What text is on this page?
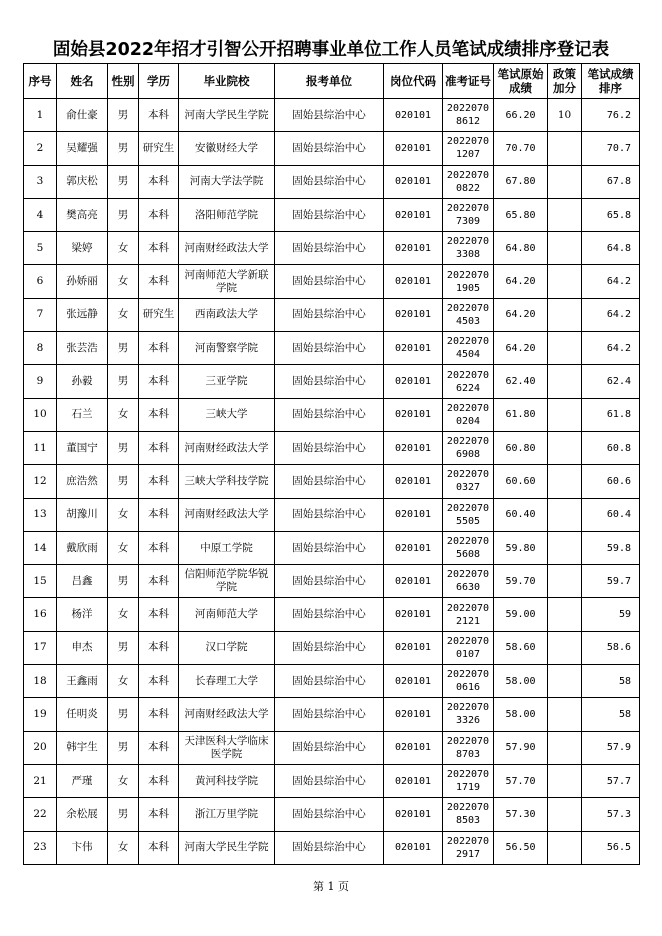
固始县2022年招才引智公开招聘事业单位工作人员笔试成绩排序登记表
序号	姓名	性别	学历	毕业院校	报考单位	岗位代码	准考证号	笔试原始成绩	政策加分	笔试成绩排序

1	俞仕豪	男	本科	河南大学民生学院	固始县综治中心	020101	20220708612	66.20	10	76.2
2	吴耀强	男	研究生	安徽财经大学	固始县综治中心	020101	20220701207	70.70		70.7
3	郭庆松	男	本科	河南大学法学院	固始县综治中心	020101	20220700822	67.80		67.8
4	樊高亮	男	本科	洛阳师范学院	固始县综治中心	020101	20220707309	65.80		65.8
5	梁婷	女	本科	河南财经政法大学	固始县综治中心	020101	20220703308	64.80		64.8
6	孙娇丽	女	本科	河南师范大学新联学院	固始县综治中心	020101	20220701905	64.20		64.2
7	张远静	女	研究生	西南政法大学	固始县综治中心	020101	20220704503	64.20		64.2
8	张芸浩	男	本科	河南警察学院	固始县综治中心	020101	20220704504	64.20		64.2
9	孙毅	男	本科	三亚学院	固始县综治中心	020101	20220706224	62.40		62.4
10	石兰	女	本科	三峡大学	固始县综治中心	020101	20220700204	61.80		61.8
11	董国宁	男	本科	河南财经政法大学	固始县综治中心	020101	20220706908	60.80		60.8
12	庶浩然	男	本科	三峡大学科技学院	固始县综治中心	020101	20220700327	60.60		60.6
13	胡豫川	女	本科	河南财经政法大学	固始县综治中心	020101	20220705505	60.40		60.4
14	戴欣雨	女	本科	中原工学院	固始县综治中心	020101	20220705608	59.80		59.8
15	吕鑫	男	本科	信阳师范学院华锐学院	固始县综治中心	020101	20220706630	59.70		59.7
16	杨洋	女	本科	河南师范大学	固始县综治中心	020101	20220702121	59.00		59
17	申杰	男	本科	汉口学院	固始县综治中心	020101	20220700107	58.60		58.6
18	王鑫雨	女	本科	长春理工大学	固始县综治中心	020101	20220700616	58.00		58
19	任明炎	男	本科	河南财经政法大学	固始县综治中心	020101	20220703326	58.00		58
20	韩宇生	男	本科	天津医科大学临床医学院	固始县综治中心	020101	20220708703	57.90		57.9
21	严瑾	女	本科	黄河科技学院	固始县综治中心	020101	20220701719	57.70		57.7
22	余松展	男	本科	浙江万里学院	固始县综治中心	020101	20220708503	57.30		57.3
23	卞伟	女	本科	河南大学民生学院	固始县综治中心	020101	20220702917	56.50		56.5
第 1 页
